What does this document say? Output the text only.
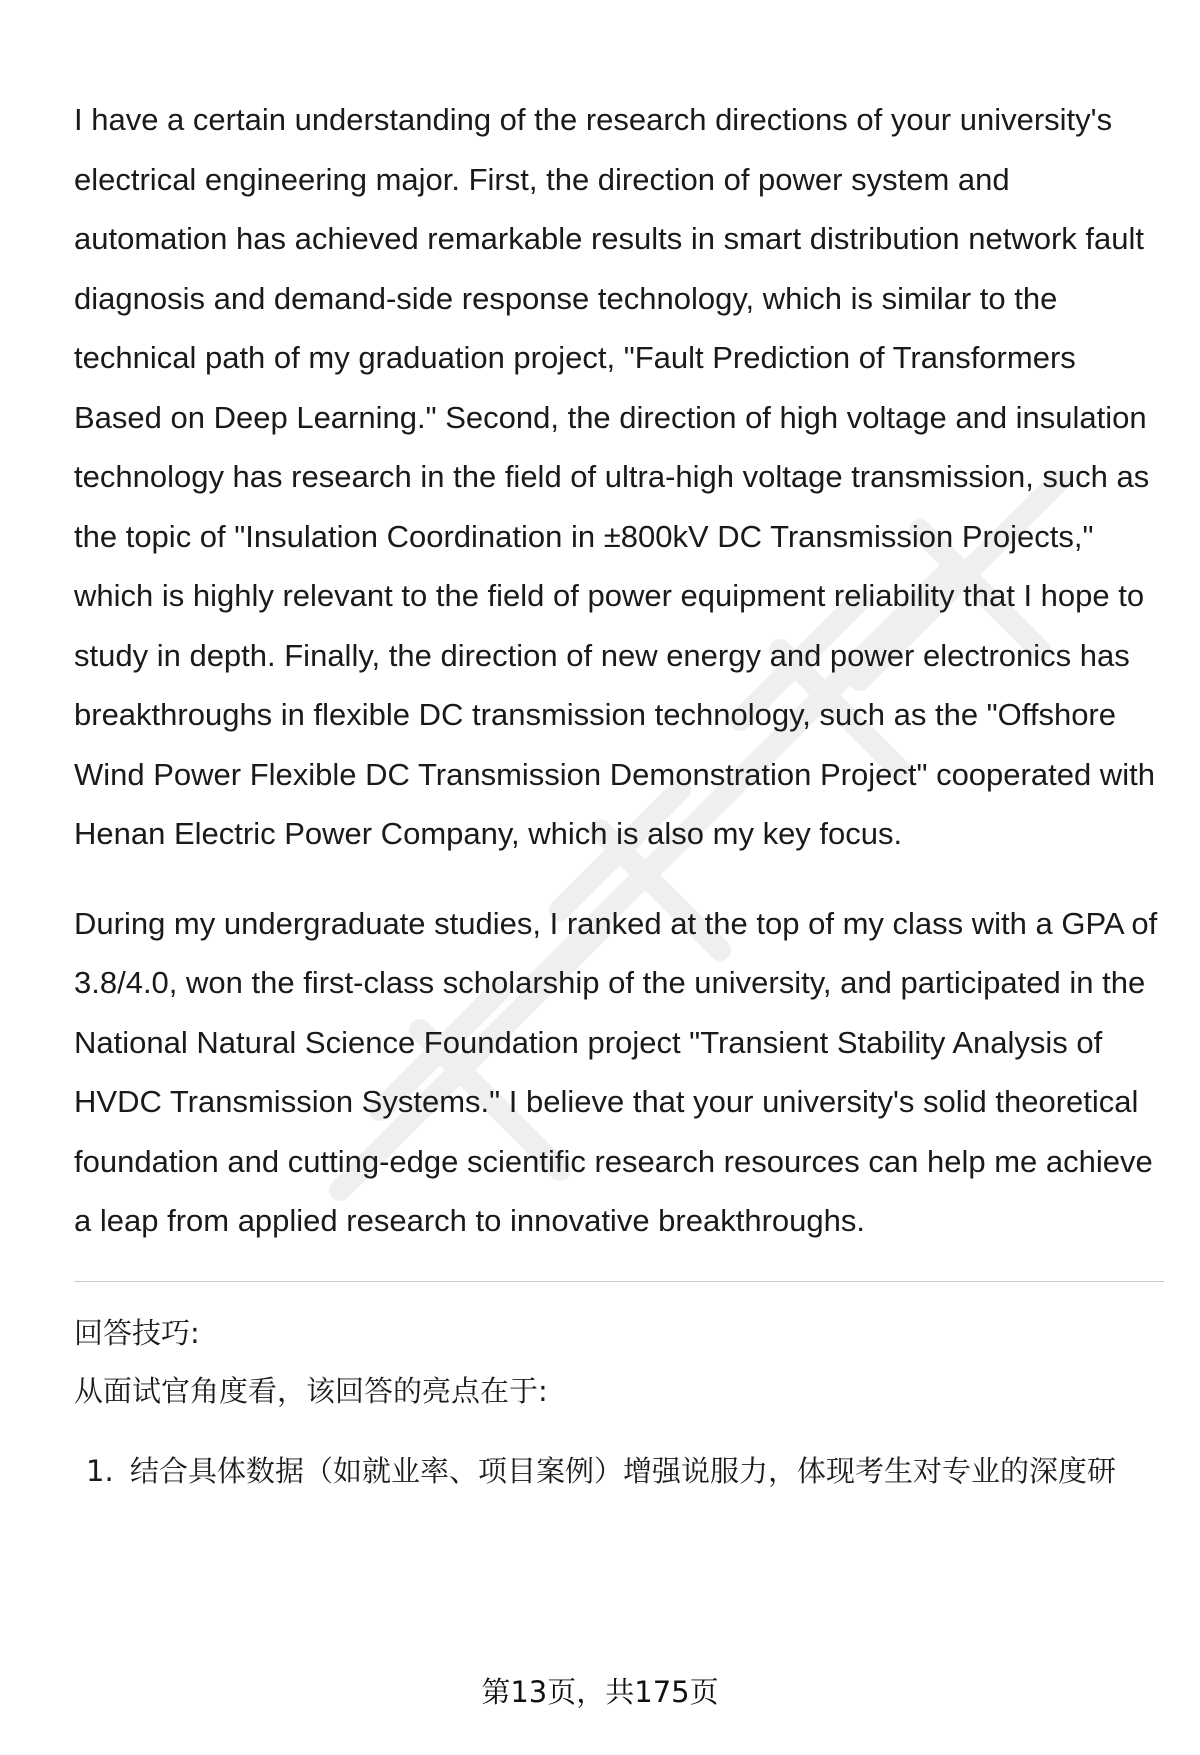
I have a certain understanding of the research directions of your university's electrical engineering major. First, the direction of power system and automation has achieved remarkable results in smart distribution network fault diagnosis and demand-side response technology, which is similar to the technical path of my graduation project, "Fault Prediction of Transformers Based on Deep Learning." Second, the direction of high voltage and insulation technology has research in the field of ultra-high voltage transmission, such as the topic of "Insulation Coordination in ±800kV DC Transmission Projects," which is highly relevant to the field of power equipment reliability that I hope to study in depth. Finally, the direction of new energy and power electronics has breakthroughs in flexible DC transmission technology, such as the "Offshore Wind Power Flexible DC Transmission Demonstration Project" cooperated with Henan Electric Power Company, which is also my key focus.

During my undergraduate studies, I ranked at the top of my class with a GPA of 3.8/4.0, won the first-class scholarship of the university, and participated in the National Natural Science Foundation project "Transient Stability Analysis of HVDC Transmission Systems." I believe that your university's solid theoretical foundation and cutting-edge scientific research resources can help me achieve a leap from applied research to innovative breakthroughs.

回答技巧:

从面试官角度看，该回答的亮点在于:

1. 结合具体数据（如就业率、项目案例）增强说服力，体现考生对专业的深度研
第13页，共175页
